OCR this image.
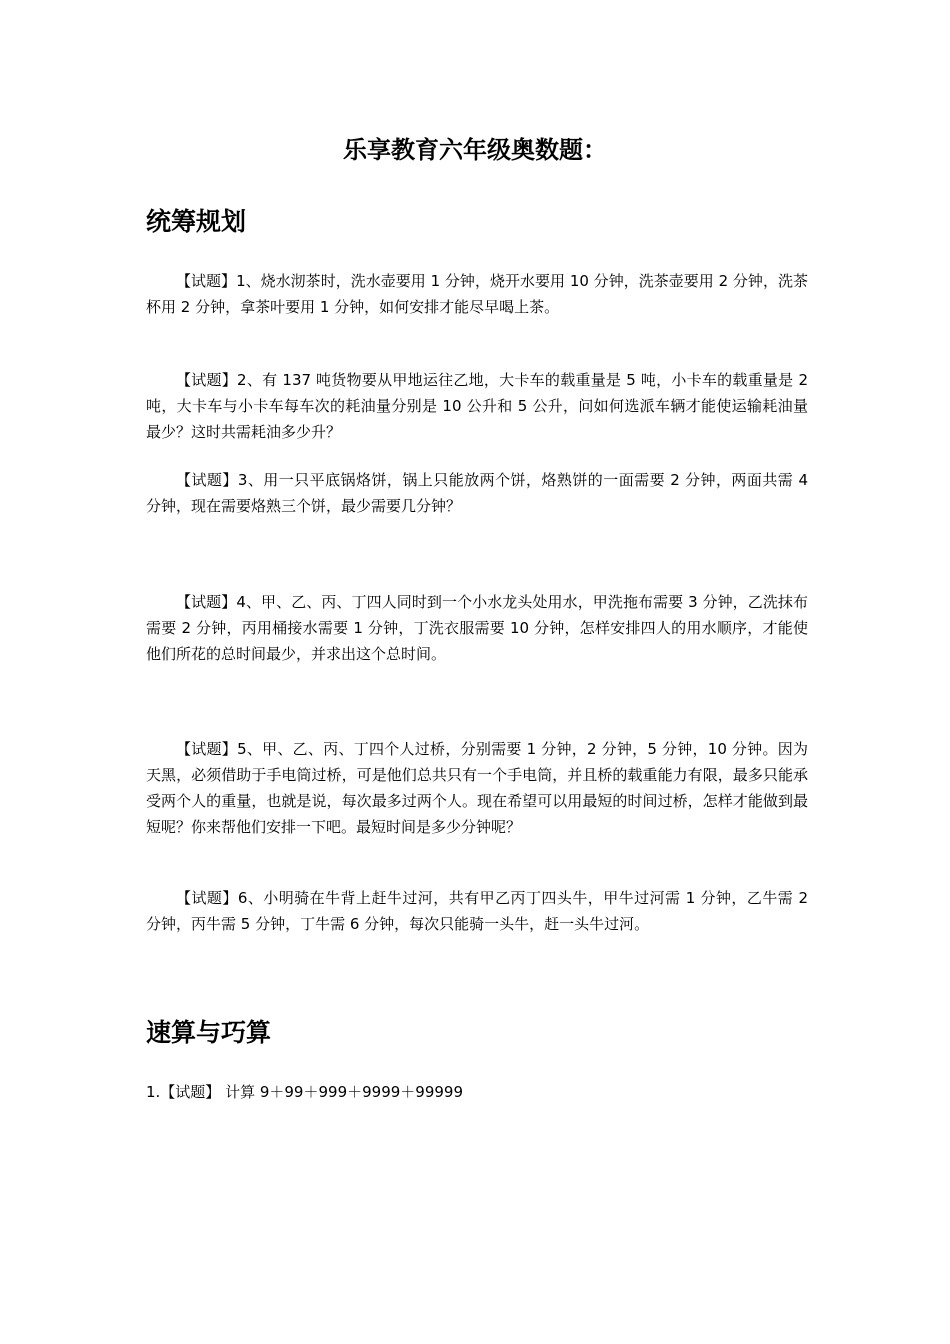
乐享教育六年级奥数题：
统筹规划

【试题】1、烧水沏茶时，洗水壶要用 1 分钟，烧开水要用 10 分钟，洗茶壶要用 2 分钟，洗茶杯用 2 分钟，拿茶叶要用 1 分钟，如何安排才能尽早喝上茶。

【试题】2、有 137 吨货物要从甲地运往乙地，大卡车的载重量是 5 吨，小卡车的载重量是 2 吨，大卡车与小卡车每车次的耗油量分别是 10 公升和 5 公升，问如何选派车辆才能使运输耗油量最少？这时共需耗油多少升？

【试题】3、用一只平底锅烙饼，锅上只能放两个饼，烙熟饼的一面需要 2 分钟，两面共需 4 分钟，现在需要烙熟三个饼，最少需要几分钟？

【试题】4、甲、乙、丙、丁四人同时到一个小水龙头处用水，甲洗拖布需要 3 分钟，乙洗抹布需要 2 分钟，丙用桶接水需要 1 分钟，丁洗衣服需要 10 分钟，怎样安排四人的用水顺序，才能使他们所花的总时间最少，并求出这个总时间。

【试题】5、甲、乙、丙、丁四个人过桥，分别需要 1 分钟，2 分钟，5 分钟，10 分钟。因为天黑，必须借助于手电筒过桥，可是他们总共只有一个手电筒，并且桥的载重能力有限，最多只能承受两个人的重量，也就是说，每次最多过两个人。现在希望可以用最短的时间过桥，怎样才能做到最短呢？你来帮他们安排一下吧。最短时间是多少分钟呢？

【试题】6、小明骑在牛背上赶牛过河，共有甲乙丙丁四头牛，甲牛过河需 1 分钟，乙牛需 2 分钟，丙牛需 5 分钟，丁牛需 6 分钟，每次只能骑一头牛，赶一头牛过河。

速算与巧算

1.【试题】 计算 9＋99＋999＋9999＋99999
